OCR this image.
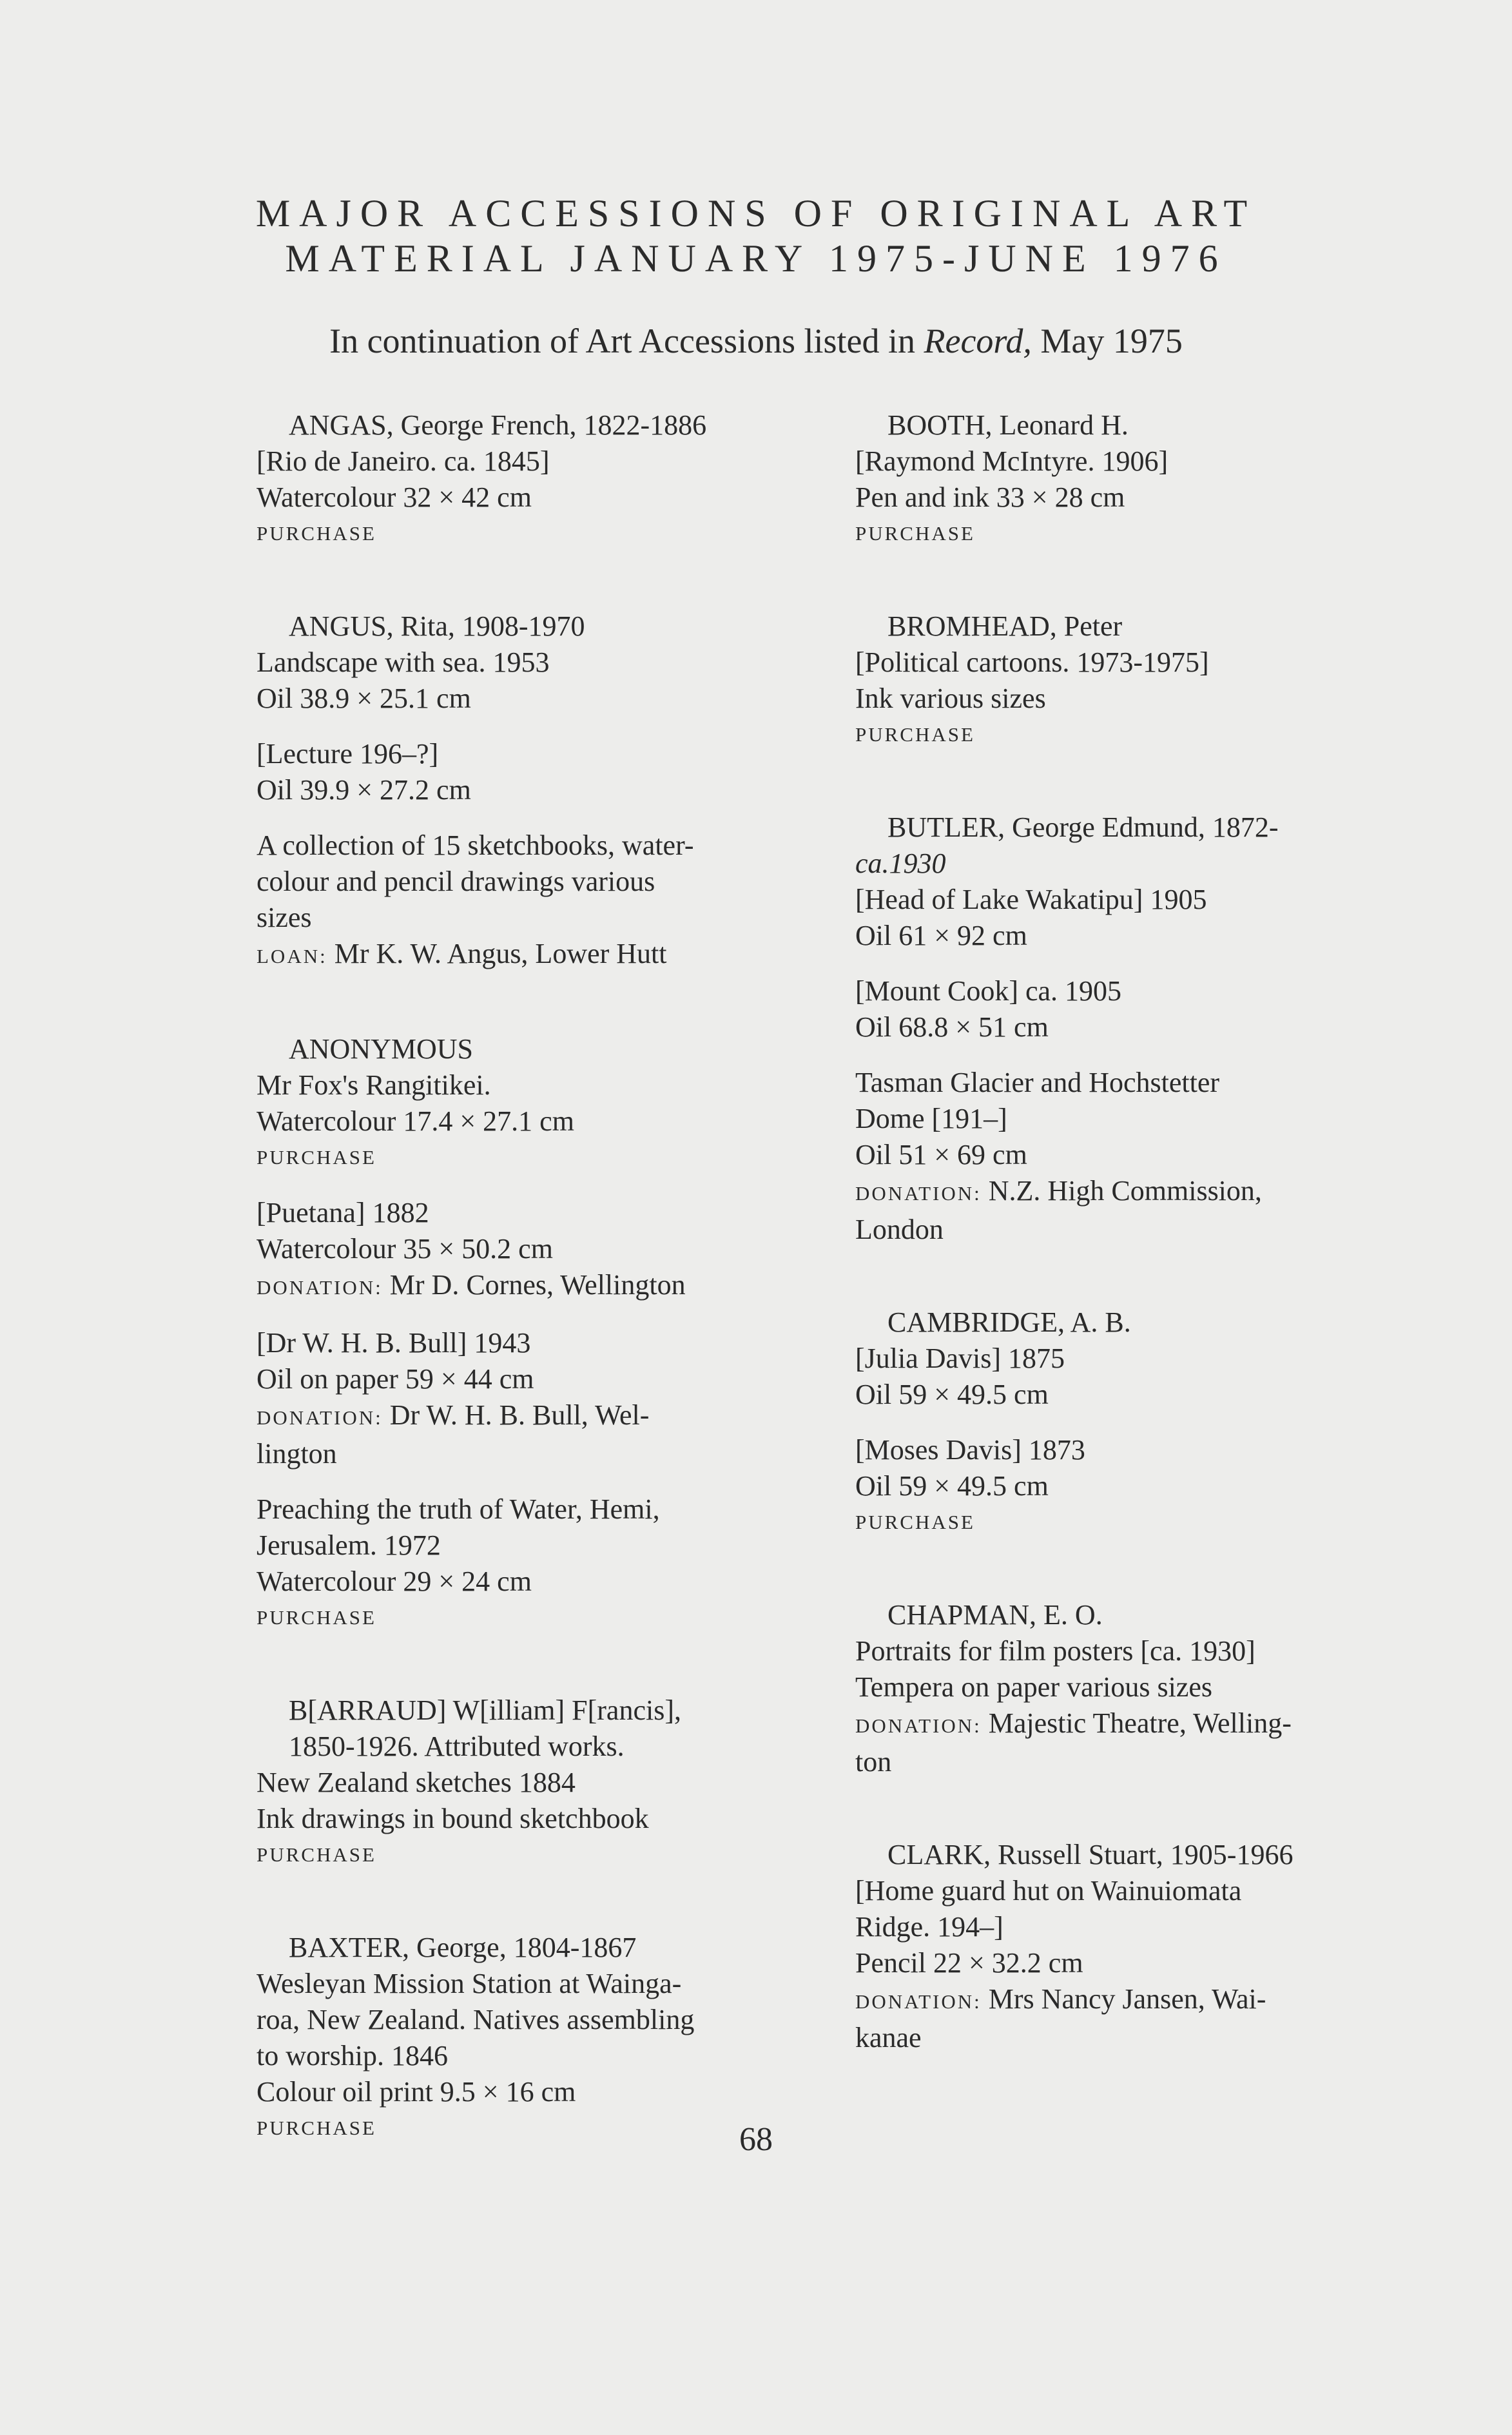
MAJOR ACCESSIONS OF ORIGINAL ART
MATERIAL JANUARY 1975-JUNE 1976
In continuation of Art Accessions listed in Record, May 1975
ANGAS, George French, 1822-1886
[Rio de Janeiro. ca. 1845]
Watercolour 32 × 42 cm
PURCHASE
ANGUS, Rita, 1908-1970
Landscape with sea. 1953
Oil 38.9 × 25.1 cm
[Lecture 196–?]
Oil 39.9 × 27.2 cm
A collection of 15 sketchbooks, water-
colour and pencil drawings various
sizes
LOAN: Mr K. W. Angus, Lower Hutt
ANONYMOUS
Mr Fox's Rangitikei.
Watercolour 17.4 × 27.1 cm
PURCHASE
[Puetana] 1882
Watercolour 35 × 50.2 cm
DONATION: Mr D. Cornes, Wellington
[Dr W. H. B. Bull] 1943
Oil on paper 59 × 44 cm
DONATION: Dr W. H. B. Bull, Wel-
lington
Preaching the truth of Water, Hemi,
Jerusalem. 1972
Watercolour 29 × 24 cm
PURCHASE
B[ARRAUD] W[illiam] F[rancis],
1850-1926. Attributed works.
New Zealand sketches 1884
Ink drawings in bound sketchbook
PURCHASE
BAXTER, George, 1804-1867
Wesleyan Mission Station at Wainga-
roa, New Zealand. Natives assembling
to worship. 1846
Colour oil print 9.5 × 16 cm
PURCHASE
BOOTH, Leonard H.
[Raymond McIntyre. 1906]
Pen and ink 33 × 28 cm
PURCHASE
BROMHEAD, Peter
[Political cartoons. 1973-1975]
Ink various sizes
PURCHASE
BUTLER, George Edmund, 1872-
ca.1930
[Head of Lake Wakatipu] 1905
Oil 61 × 92 cm
[Mount Cook] ca. 1905
Oil 68.8 × 51 cm
Tasman Glacier and Hochstetter
Dome [191–]
Oil 51 × 69 cm
DONATION: N.Z. High Commission,
London
CAMBRIDGE, A. B.
[Julia Davis] 1875
Oil 59 × 49.5 cm
[Moses Davis] 1873
Oil 59 × 49.5 cm
PURCHASE
CHAPMAN, E. O.
Portraits for film posters [ca. 1930]
Tempera on paper various sizes
DONATION: Majestic Theatre, Welling-
ton
CLARK, Russell Stuart, 1905-1966
[Home guard hut on Wainuiomata
Ridge. 194–]
Pencil 22 × 32.2 cm
DONATION: Mrs Nancy Jansen, Wai-
kanae
68
